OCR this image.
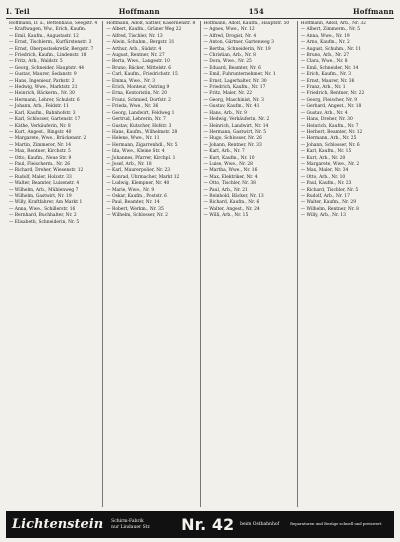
I. Teil	Hoffmann	154	Hoffmann
Hoffmann, D. a., Bettenhaus, Seegstr. 4
— Kraftwagen, Ww., Erich, Kaufm.
— Emil, Kaufm., Augustastr. 12
— Ernst, Tischlerm., Kurfürstenstr. 3
— Ernst, Oberpostsekretär, Bergstr. 7
— Friedrich, Kaufm., Lindenstr. 18
— Fritz, Arb., Waldstr. 5
— Georg, Schneider, Hauptstr. 44
— Gustav, Maurer, Sedanstr. 9
— Hans, Ingenieur, Parkstr. 2
— Hedwig, Wwe., Marktstr. 21
— Heinrich, Bäckerm., Nr. 30
— Hermann, Lehrer, Schulstr. 6
— Johann, Arb., Feldstr. 11
— Karl, Kaufm., Bahnhofstr. 3
— Karl, Schlosser, Gartenstr. 17
— Käthe, Verkäuferin, Nr. 8
— Kurt, Angest., Ringstr. 40
— Margarete, Wwe., Brückenstr. 2
— Martin, Zimmerer, Nr. 14
— Max, Rentner, Kirchstr. 5
— Otto, Kaufm., Neue Str. 9
— Paul, Fleischerm., Nr. 26
— Richard, Dreher, Wiesenstr. 12
— Rudolf, Maler, Holzstr. 33
— Walter, Beamter, Luisenstr. 4
— Wilhelm, Arb., Mühlenweg 7
— Wilhelm, Gastwirt, Nr. 19
— Willy, Kraftfahrer, Am Markt 1
— Anna, Wwe., Schillerstr. 16
— Bernhard, Buchhalter, Nr. 2
— Elisabeth, Schneiderin, Nr. 5
Hoffmann, Adolf, Sattler, Kasernenstr. 8
— Albert, Kaufm., Grüner Weg 22
— Alfred, Tischler, Nr. 13
— Alwin, Schuhm., Bergstr. 31
— Arthur, Arb., Südstr. 4
— August, Rentner, Nr. 27
— Berta, Wwe., Langestr. 10
— Bruno, Bäcker, Mittelstr. 6
— Carl, Kaufm., Friedrichstr. 15
— Emma, Wwe., Nr. 3
— Erich, Monteur, Ostring 9
— Erna, Kontoristin, Nr. 20
— Franz, Schmied, Dorfstr. 2
— Frieda, Wwe., Nr. 36
— Georg, Landwirt, Feldweg 1
— Gertrud, Lehrerin, Nr. 7
— Gustav, Kutscher, Hofstr. 3
— Hans, Kaufm., Wilhelmstr. 28
— Helene, Wwe., Nr. 11
— Hermann, Zigarrenhdl., Nr. 5
— Ida, Wwe., Kleine Str. 4
— Johannes, Pfarrer, Kirchpl. 1
— Josef, Arb., Nr. 18
— Karl, Maurerpolier, Nr. 23
— Konrad, Uhrmacher, Markt 12
— Ludwig, Klempner, Nr. 40
— Marie, Wwe., Nr. 9
— Oskar, Kaufm., Poststr. 6
— Paul, Beamter, Nr. 14
— Robert, Werkm., Nr. 35
— Wilhelm, Schlosser, Nr. 2
Hoffmann, Adolf, Kaufm., Hauptstr. 50
— Agnes, Wwe., Nr. 12
— Alfred, Drogist, Nr. 4
— Anton, Gärtner, Gartenweg 3
— Bertha, Schneiderin, Nr. 19
— Christian, Arb., Nr. 8
— Dora, Wwe., Nr. 25
— Eduard, Beamter, Nr. 6
— Emil, Fuhrunternehmer, Nr. 1
— Ernst, Lagerhalter, Nr. 30
— Friedrich, Kaufm., Nr. 17
— Fritz, Maler, Nr. 22
— Georg, Maschinist, Nr. 3
— Gustav, Kaufm., Nr. 41
— Hans, Arb., Nr. 9
— Hedwig, Verkäuferin, Nr. 2
— Heinrich, Landwirt, Nr. 14
— Hermann, Gastwirt, Nr. 5
— Hugo, Schlosser, Nr. 26
— Johann, Rentner, Nr. 33
— Karl, Arb., Nr. 7
— Kurt, Kaufm., Nr. 10
— Luise, Wwe., Nr. 28
— Martha, Wwe., Nr. 16
— Max, Elektriker, Nr. 4
— Otto, Tischler, Nr. 38
— Paul, Arb., Nr. 21
— Reinhold, Bäcker, Nr. 13
— Richard, Kaufm., Nr. 6
— Walter, Angest., Nr. 24
— Willi, Arb., Nr. 15
Hoffmann, Adolf, Arb., Nr. 32
— Albert, Zimmerm., Nr. 5
— Anna, Wwe., Nr. 19
— Arno, Kaufm., Nr. 2
— August, Schuhm., Nr. 11
— Bruno, Arb., Nr. 27
— Clara, Wwe., Nr. 8
— Emil, Schneider, Nr. 14
— Erich, Kaufm., Nr. 3
— Ernst, Maurer, Nr. 36
— Franz, Arb., Nr. 1
— Friedrich, Rentner, Nr. 22
— Georg, Fleischer, Nr. 9
— Gerhard, Angest., Nr. 18
— Gustav, Arb., Nr. 4
— Hans, Dreher, Nr. 30
— Heinrich, Kaufm., Nr. 7
— Herbert, Beamter, Nr. 12
— Hermann, Arb., Nr. 25
— Johann, Schlosser, Nr. 6
— Karl, Kaufm., Nr. 15
— Kurt, Arb., Nr. 20
— Margarete, Wwe., Nr. 2
— Max, Maler, Nr. 34
— Otto, Arb., Nr. 10
— Paul, Kaufm., Nr. 23
— Richard, Tischler, Nr. 5
— Rudolf, Arb., Nr. 17
— Walter, Kaufm., Nr. 29
— Wilhelm, Rentner, Nr. 8
— Willy, Arb., Nr. 13
Lichtenstein Schirm-Fabrik
nur Lindauer Str.	Nr. 42 beim Ostbahnhof	Reparaturen und Bezüge schnell und preiswert
